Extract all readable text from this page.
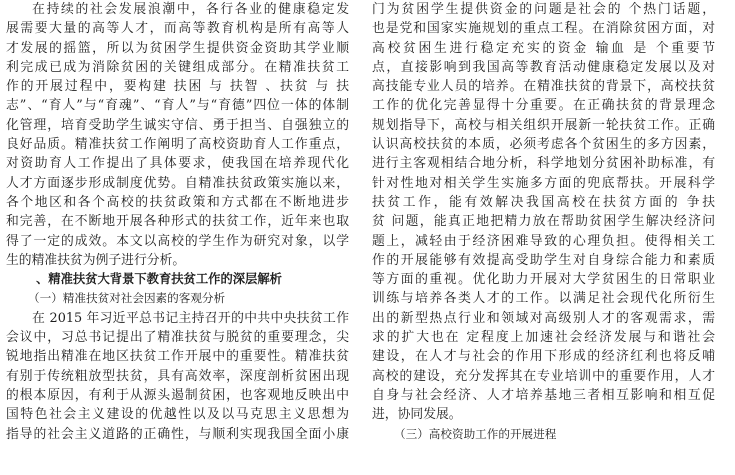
在持续的社会发展浪潮中，各行各业的健康稳定发
展需要大量的高等人才，而高等教育机构是所有高等人
才发展的摇篮，所以为贫困学生提供资金资助其学业顺
利完成已成为消除贫困的关键组成部分。在精准扶贫工
作的开展过程中，要构建 扶困 与 扶智 、扶贫 与 扶
志”、“育人”与“育魂”、“育人”与“育德”四位一体的体制
化管理，培育受助学生诚实守信、勇于担当、自强独立的
良好品质。精准扶贫工作阐明了高校资助育人工作重点，
对资助育人工作提出了具体要求，使我国在培养现代化
人才方面逐步形成制度优势。自精准扶贫政策实施以来，
各个地区和各个高校的扶贫政策和方式都在不断地进步
和完善，在不断地开展各种形式的扶贫工作，近年来也取
得了一定的成效。本文以高校的学生作为研究对象，以学
生的精准扶贫为例子进行分析。
、精准扶贫大背景下教育扶贫工作的深层解析
（一）精准扶贫对社会因素的客观分析
在 2015 年习近平总书记主持召开的中共中央扶贫工作
会议中，习总书记提出了精准扶贫与脱贫的重要理念，尖
锐地指出精准在地区扶贫工作开展中的重要性。精准扶贫
有别于传统粗放型扶贫，具有高效率，深度剖析贫困出现
的根本原因，有利于从源头遏制贫困，也客观地反映出中
国特色社会主义建设的优越性以及以马克思主义思想为
指导的社会主义道路的正确性，与顺利实现我国全面小康
门为贫困学生提供资金的问题是社会的 个热门话题，
也是党和国家实施规划的重点工程。在消除贫困方面，对
高校贫困生进行稳定充实的资金 输血 是 个重要节
点，直接影响到我国高等教育活动健康稳定发展以及对
高技能专业人员的培养。在精准扶贫的背景下，高校扶贫
工作的优化完善显得十分重要。在正确扶贫的背景理念
规划指导下，高校与相关组织开展新一轮扶贫工作。正确
认识高校扶贫的本质，必须考虑各个贫困生的多方因素，
进行主客观相结合地分析，科学地划分贫困补助标准，有
针对性地对相关学生实施多方面的兜底帮扶。开展科学
扶贫工作，能有效解决我国高校在扶贫方面的 争扶
贫 问题，能真正地把精力放在帮助贫困学生解决经济问
题上，减轻由于经济困难导致的心理负担。使得相关工
作的开展能够有效提高受助学生对自身综合能力和素质
等方面的重视。优化助力开展对大学贫困生的日常职业
训练与培养各类人才的工作。以满足社会现代化所衍生
出的新型热点行业和领域对高级别人才的客观需求，需
求的扩大也在 定程度上加速社会经济发展与和谐社会
建设，在人才与社会的作用下形成的经济红利也将反哺
高校的建设，充分发挥其在专业培训中的重要作用，人才
自身与社会经济、人才培养基地三者相互影响和相互促
进，协同发展。
（三）高校资助工作的开展进程
